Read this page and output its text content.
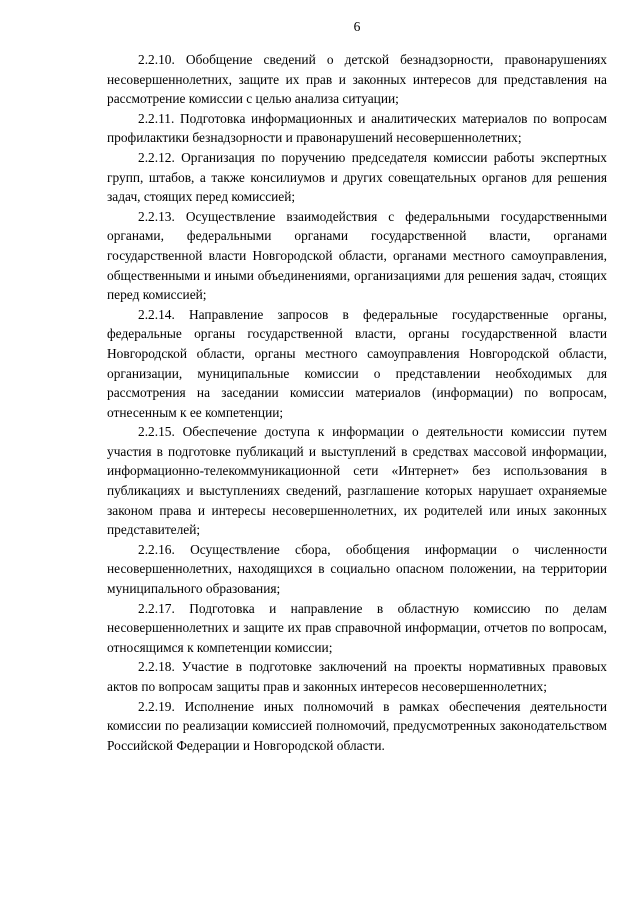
6

2.2.10. Обобщение сведений о детской безнадзорности, правонарушениях несовершеннолетних, защите их прав и законных интересов для представления на рассмотрение комиссии с целью анализа ситуации;

2.2.11. Подготовка информационных и аналитических материалов по вопросам профилактики безнадзорности и правонарушений несовершеннолетних;

2.2.12. Организация по поручению председателя комиссии работы экспертных групп, штабов, а также консилиумов и других совещательных органов для решения задач, стоящих перед комиссией;

2.2.13. Осуществление взаимодействия с федеральными государственными органами, федеральными органами государственной власти, органами государственной власти Новгородской области, органами местного самоуправления, общественными и иными объединениями, организациями для решения задач, стоящих перед комиссией;

2.2.14. Направление запросов в федеральные государственные органы, федеральные органы государственной власти, органы государственной власти Новгородской области, органы местного самоуправления Новгородской области, организации, муниципальные комиссии о представлении необходимых для рассмотрения на заседании комиссии материалов (информации) по вопросам, отнесенным к ее компетенции;

2.2.15. Обеспечение доступа к информации о деятельности комиссии путем участия в подготовке публикаций и выступлений в средствах массовой информации, информационно-телекоммуникационной сети «Интернет» без использования в публикациях и выступлениях сведений, разглашение которых нарушает охраняемые законом права и интересы несовершеннолетних, их родителей или иных законных представителей;

2.2.16. Осуществление сбора, обобщения информации о численности несовершеннолетних, находящихся в социально опасном положении, на территории муниципального образования;

2.2.17. Подготовка и направление в областную комиссию по делам несовершеннолетних и защите их прав справочной информации, отчетов по вопросам, относящимся к компетенции комиссии;

2.2.18. Участие в подготовке заключений на проекты нормативных правовых актов по вопросам защиты прав и законных интересов несовершеннолетних;

2.2.19. Исполнение иных полномочий в рамках обеспечения деятельности комиссии по реализации комиссией полномочий, предусмотренных законодательством Российской Федерации и Новгородской области.
